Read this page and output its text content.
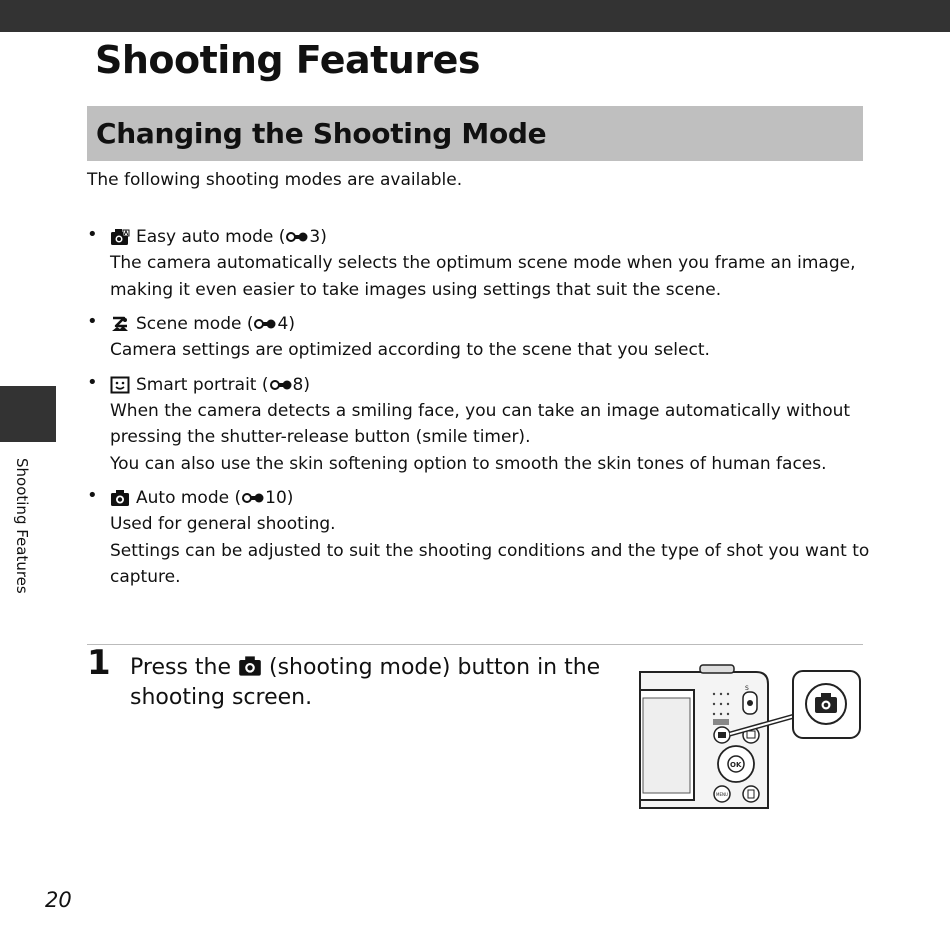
Shooting Features
Shooting Features
Changing the Shooting Mode
The following shooting modes are available.
• Easy auto mode ( 3 )
The camera automatically selects the optimum scene mode when you frame an image,
making it even easier to take images using settings that suit the scene.
• Scene mode ( 4 )
Camera settings are optimized according to the scene that you select.
• Smart portrait ( 8 )
When the camera detects a smiling face, you can take an image automatically without
pressing the shutter-release button (smile timer).
You can also use the skin softening option to smooth the skin tones of human faces.
• Auto mode ( 10 )
Used for general shooting.
Settings can be adjusted to suit the shooting conditions and the type of shot you want to
capture.
1 Press the  (shooting mode) button in the shooting screen.	S
OK
MENU
20
